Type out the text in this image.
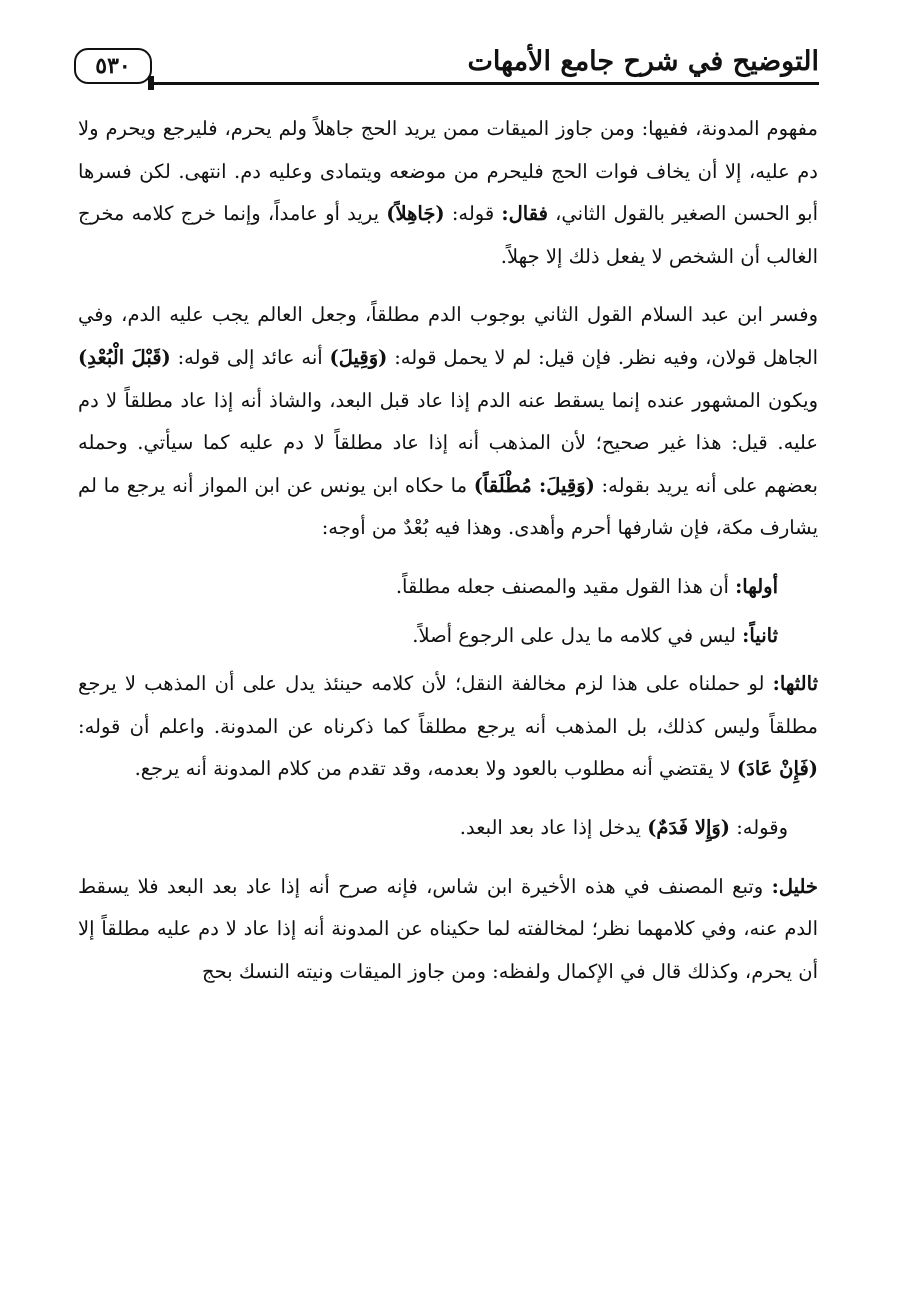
٥٣٠	التوضيح في شرح جامع الأمهات

مفهوم المدونة، ففيها: ومن جاوز الميقات ممن يريد الحج جاهلاً ولم يحرم، فليرجع ويحرم ولا دم عليه، إلا أن يخاف فوات الحج فليحرم من موضعه ويتمادى وعليه دم. انتهى. لكن فسرها أبو الحسن الصغير بالقول الثاني، فقال: قوله: (جَاهِلاً) يريد أو عامداً، وإنما خرج كلامه مخرج الغالب أن الشخص لا يفعل ذلك إلا جهلاً.

وفسر ابن عبد السلام القول الثاني بوجوب الدم مطلقاً، وجعل العالم يجب عليه الدم، وفي الجاهل قولان، وفيه نظر. فإن قيل: لم لا يحمل قوله: (وَقِيلَ) أنه عائد إلى قوله: (قَبْلَ الْبُعْدِ) ويكون المشهور عنده إنما يسقط عنه الدم إذا عاد قبل البعد، والشاذ أنه إذا عاد مطلقاً لا دم عليه. قيل: هذا غير صحيح؛ لأن المذهب أنه إذا عاد مطلقاً لا دم عليه كما سيأتي. وحمله بعضهم على أنه يريد بقوله: (وَقِيلَ: مُطْلَقاً) ما حكاه ابن يونس عن ابن المواز أنه يرجع ما لم يشارف مكة، فإن شارفها أحرم وأهدى. وهذا فيه بُعْدٌ من أوجه:

أولها: أن هذا القول مقيد والمصنف جعله مطلقاً.

ثانياً: ليس في كلامه ما يدل على الرجوع أصلاً.

ثالثها: لو حملناه على هذا لزم مخالفة النقل؛ لأن كلامه حينئذ يدل على أن المذهب لا يرجع مطلقاً وليس كذلك، بل المذهب أنه يرجع مطلقاً كما ذكرناه عن المدونة. واعلم أن قوله: (فَإِنْ عَادَ) لا يقتضي أنه مطلوب بالعود ولا بعدمه، وقد تقدم من كلام المدونة أنه يرجع.

وقوله: (وَإِلا فَدَمٌ) يدخل إذا عاد بعد البعد.

خليل: وتبع المصنف في هذه الأخيرة ابن شاس، فإنه صرح أنه إذا عاد بعد البعد فلا يسقط الدم عنه، وفي كلامهما نظر؛ لمخالفته لما حكيناه عن المدونة أنه إذا عاد لا دم عليه مطلقاً إلا أن يحرم، وكذلك قال في الإكمال ولفظه: ومن جاوز الميقات ونيته النسك بحج
